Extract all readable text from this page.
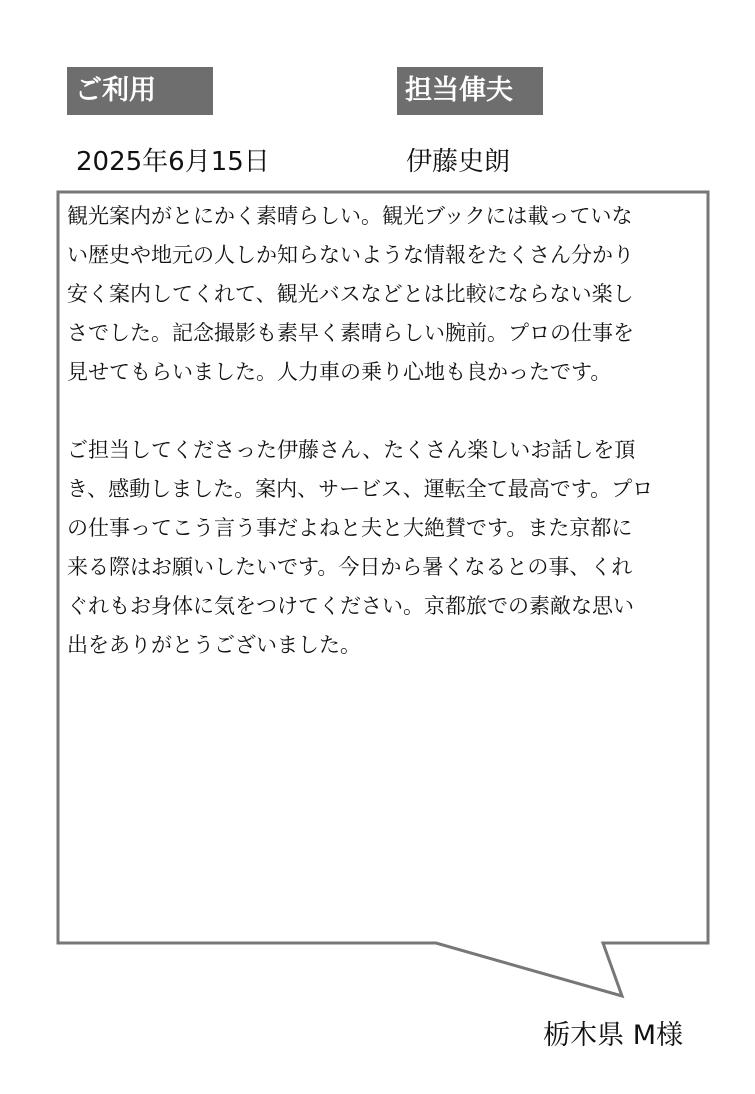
ご利用	担当俥夫
2025年6月15日	伊藤史朗

観光案内がとにかく素晴らしい。観光ブックには載っていな
い歴史や地元の人しか知らないような情報をたくさん分かり
安く案内してくれて、観光バスなどとは比較にならない楽し
さでした。記念撮影も素早く素晴らしい腕前。プロの仕事を
見せてもらいました。人力車の乗り心地も良かったです。

ご担当してくださった伊藤さん、たくさん楽しいお話しを頂
き、感動しました。案内、サービス、運転全て最高です。プロ
の仕事ってこう言う事だよねと夫と大絶賛です。また京都に
来る際はお願いしたいです。今日から暑くなるとの事、くれ
ぐれもお身体に気をつけてください。京都旅での素敵な思い
出をありがとうございました。

栃木県 M様
